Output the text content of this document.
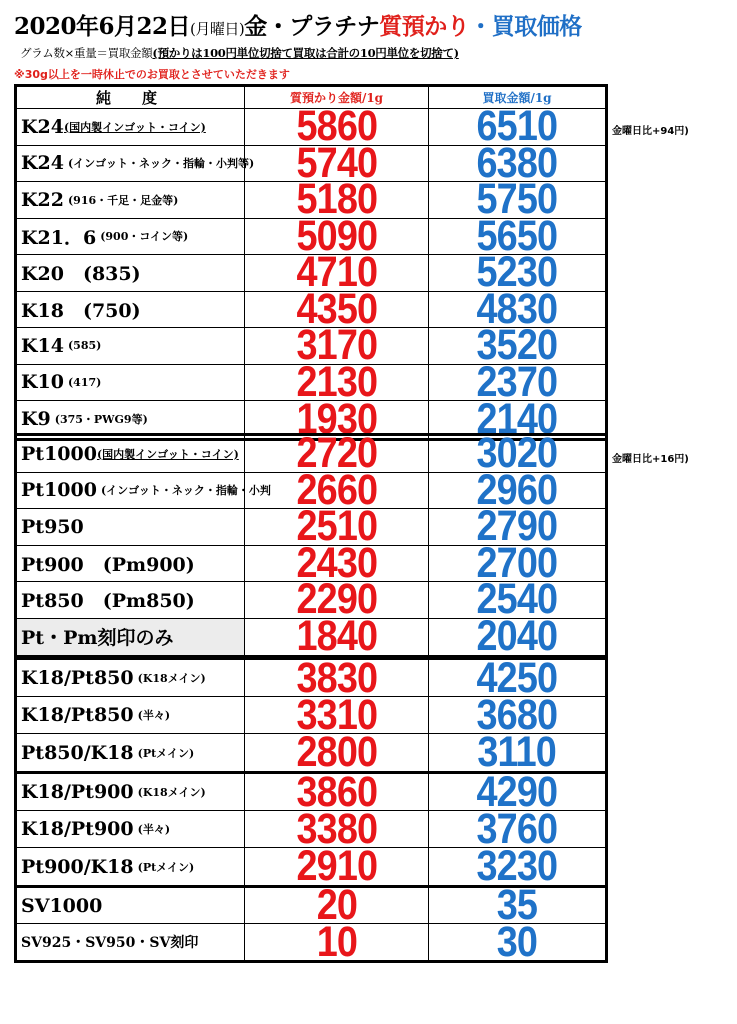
2020年6月22日(月曜日)金・プラチナ質預かり・買取価格
グラム数×重量＝買取金額(預かりは100円単位切捨て買取は合計の10円単位を切捨て)
※30g以上を一時休止でのお買取とさせていただきます
純　度	質預かり金額/1g	買取金額/1g
K24 (国内製インゴット・コイン) 5860 6510
K24 (インゴット・ネック・指輪・小判等) 5740 6380
K22 (916・千足・足金等)	5180 5750
K21．6 (900・コイン等)	5090 5650
K20　(835)	4710 5230
K18　(750)	4350 4830
K14 (585)	3170 3520
K10 (417)	2130 2370
K9 (375・PWG9等)	1930 2140
Pt1000 (国内製インゴット・コイン) 2720 3020
Pt1000 (インゴット・ネック・指輪・小判 2660 2960
Pt950	2510 2790
Pt900　(Pm900) 2430 2700
Pt850　(Pm850) 2290 2540
Pt・Pm刻印のみ	1840 2040
K18/Pt850 (K18メイン) 3830 4250
K18/Pt850 (半々)	3310 3680
Pt850/K18 (Ptメイン) 2800 3110
K18/Pt900 (K18メイン) 3860 4290
K18/Pt900 (半々)	3380 3760
Pt900/K18 (Ptメイン) 2910 3230
SV1000	20	35
SV925・SV950・SV刻印	10	30
金曜日比+94円)
金曜日比+16円)
